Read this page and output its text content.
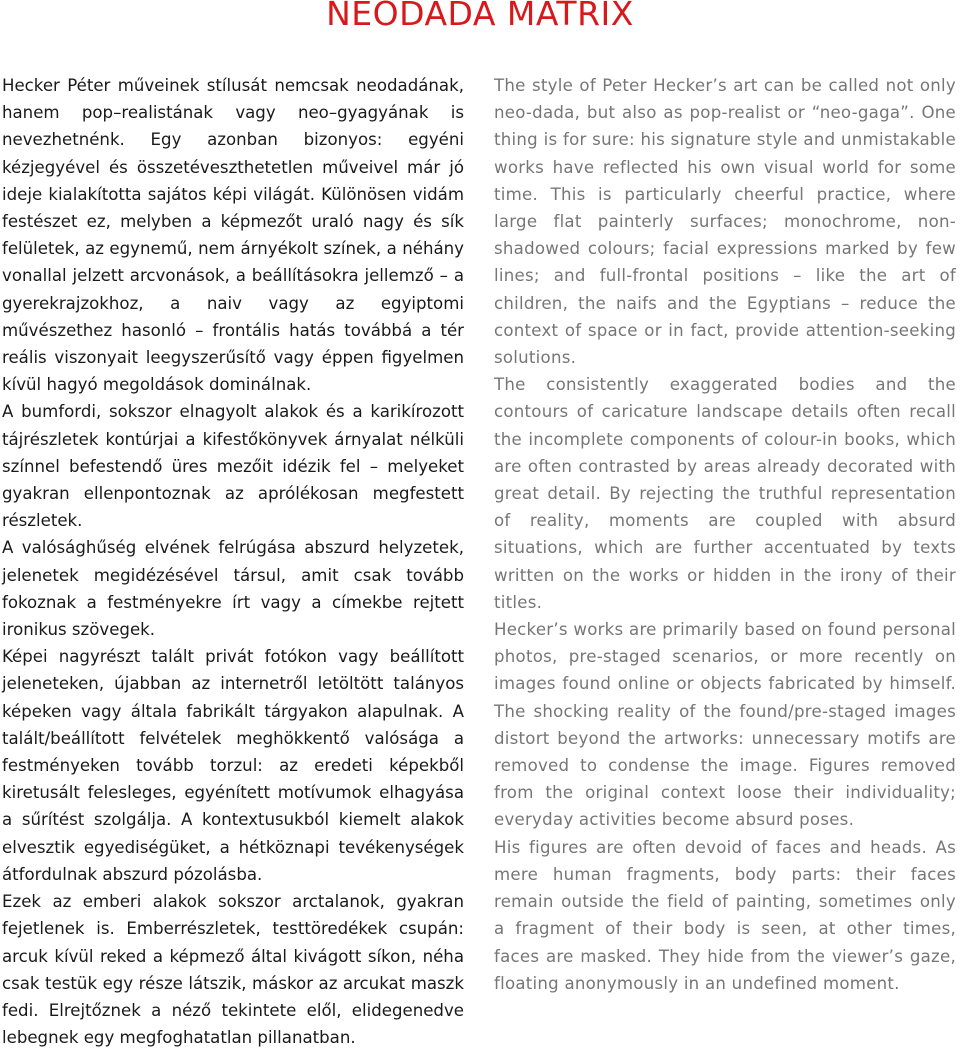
NEODADA MATRIX

Hecker Péter műveinek stílusát nemcsak neodadának, hanem pop–realistának vagy neo–gyagyának is nevezhetnénk. Egy azonban bizonyos: egyéni kézjegyével és összetéveszthetetlen műveivel már jó ideje kialakította sajátos képi világát. Különösen vidám festészet ez, melyben a képmezőt uraló nagy és sík felületek, az egynemű, nem árnyékolt színek, a néhány vonallal jelzett arcvonások, a beállításokra jellemző – a gyerekrajzokhoz, a naiv vagy az egyiptomi művészethez hasonló – frontális hatás továbbá a tér reális viszonyait leegyszerűsítő vagy éppen figyelmen kívül hagyó megoldások dominálnak.

A bumfordi, sokszor elnagyolt alakok és a karikírozott tájrészletek kontúrjai a kifestőkönyvek árnyalat nélküli színnel befestendő üres mezőit idézik fel – melyeket gyakran ellenpontoznak az aprólékosan megfestett részletek.

A valósághűség elvének felrúgása abszurd helyzetek, jelenetek megidézésével társul, amit csak tovább fokoznak a festményekre írt vagy a címekbe rejtett ironikus szövegek.

Képei nagyrészt talált privát fotókon vagy beállított jeleneteken, újabban az internetről letöltött talányos képeken vagy általa fabrikált tárgyakon alapulnak. A talált/beállított felvételek meghökkentő valósága a festményeken tovább torzul: az eredeti képekből kiretusált felesleges, egyénített motívumok elhagyása a sűrítést szolgálja. A kontextusukból kiemelt alakok elvesztik egyediségüket, a hétköznapi tevékenységek átfordulnak abszurd pózolásba.

Ezek az emberi alakok sokszor arctalanok, gyakran fejetlenek is. Emberrészletek, testtöredékek csupán: arcuk kívül reked a képmező által kivágott síkon, néha csak testük egy része látszik, máskor az arcukat maszk fedi. Elrejtőznek a néző tekintete elől, elidegenedve lebegnek egy megfoghatatlan pillanatban.

The style of Peter Hecker’s art can be called not only neo-dada, but also as pop-realist or “neo-gaga”. One thing is for sure: his signature style and unmistakable works have reflected his own visual world for some time. This is particularly cheerful practice, where large flat painterly surfaces; monochrome, non-shadowed colours; facial expressions marked by few lines; and full-frontal positions – like the art of children, the naifs and the Egyptians – reduce the context of space or in fact, provide attention-seeking solutions.

The consistently exaggerated bodies and the contours of caricature landscape details often recall the incomplete components of colour-in books, which are often contrasted by areas already decorated with great detail. By rejecting the truthful representation of reality, moments are coupled with absurd situations, which are further accentuated by texts written on the works or hidden in the irony of their titles.

Hecker’s works are primarily based on found personal photos, pre-staged scenarios, or more recently on images found online or objects fabricated by himself. The shocking reality of the found/pre-staged images distort beyond the artworks: unnecessary motifs are removed to condense the image. Figures removed from the original context loose their individuality; everyday activities become absurd poses.

His figures are often devoid of faces and heads. As mere human fragments, body parts: their faces remain outside the field of painting, sometimes only a fragment of their body is seen, at other times, faces are masked. They hide from the viewer’s gaze, floating anonymously in an undefined moment.
